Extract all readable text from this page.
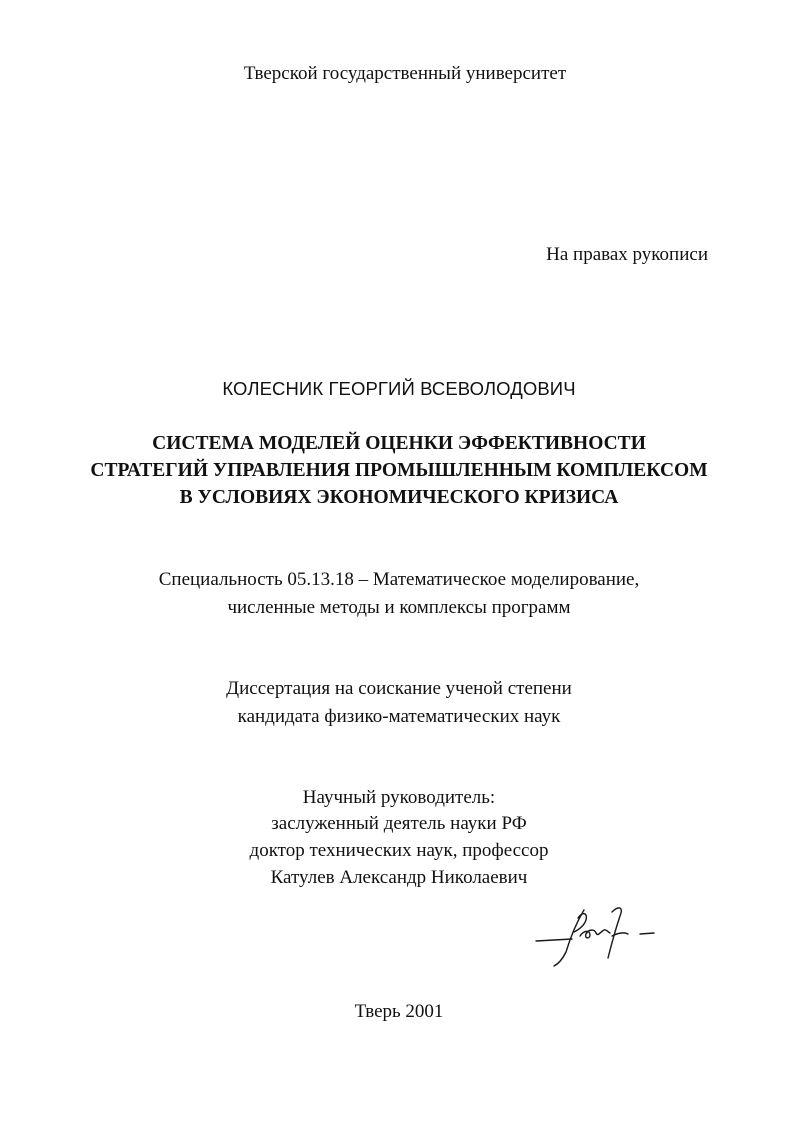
Тверской государственный университет
На правах рукописи
КОЛЕСНИК ГЕОРГИЙ ВСЕВОЛОДОВИЧ
СИСТЕМА МОДЕЛЕЙ ОЦЕНКИ ЭФФЕКТИВНОСТИ
СТРАТЕГИЙ УПРАВЛЕНИЯ ПРОМЫШЛЕННЫМ КОМПЛЕКСОМ
В УСЛОВИЯХ ЭКОНОМИЧЕСКОГО КРИЗИСА
Специальность 05.13.18 – Математическое моделирование,
численные методы и комплексы программ
Диссертация на соискание ученой степени
кандидата физико-математических наук
Научный руководитель:
заслуженный деятель науки РФ
доктор технических наук, профессор
Катулев Александр Николаевич
Тверь 2001
